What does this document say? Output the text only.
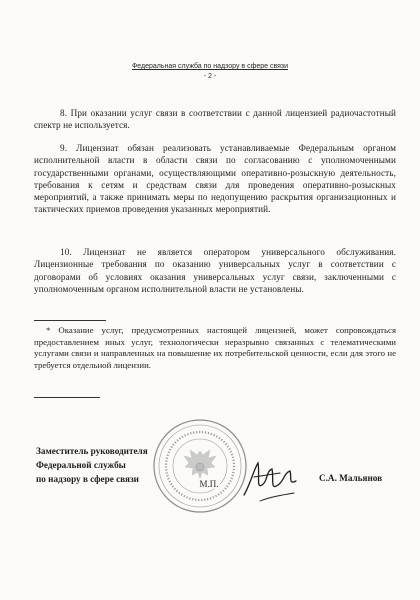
Федеральная служба по надзору в сфере связи
- 2 -

8. При оказании услуг связи в соответствии с данной лицензией радиочастотный спектр не используется.

9. Лицензиат обязан реализовать устанавливаемые Федеральным органом исполнительной власти в области связи по согласованию с уполномоченными государственными органами, осуществляющими оперативно-розыскную деятельность, требования к сетям и средствам связи для проведения оперативно-розыскных мероприятий, а также принимать меры по недопущению раскрытия организационных и тактических приемов проведения указанных мероприятий.

10. Лицензиат не является оператором универсального обслуживания. Лицензионные требования по оказанию универсальных услуг в соответствии с договорами об условиях оказания универсальных услуг связи, заключенными с уполномоченным органом исполнительной власти не установлены.

* Оказание услуг, предусмотренных настоящей лицензией, может сопровождаться предоставлением иных услуг, технологически неразрывно связанных с телематическими услугами связи и направленных на повышение их потребительской ценности, если для этого не требуется отдельной лицензии.

М.П.
Заместитель руководителя
Федеральной службы
по надзору в сфере связи	С.А. Мальянов
